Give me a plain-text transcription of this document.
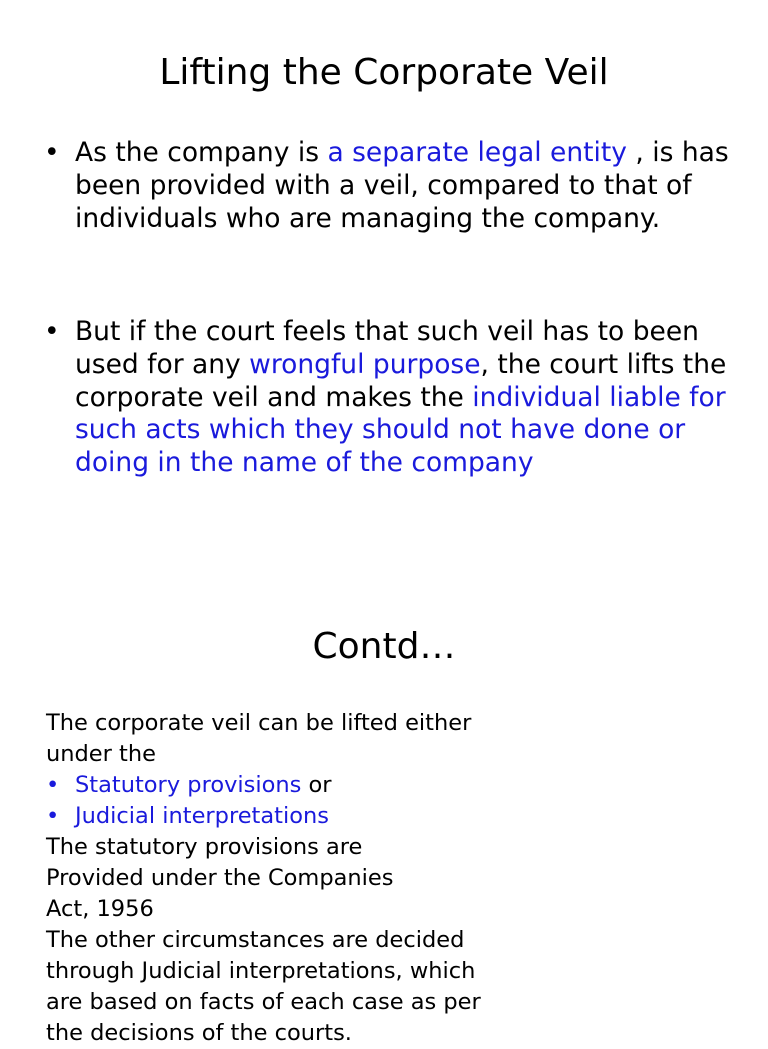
Lifting the Corporate Veil
• As the company is a separate legal entity , is has been provided with a veil, compared to that of individuals who are managing the company.
• But if the court feels that such veil has to been used for any wrongful purpose, the court lifts the corporate veil and makes the individual liable for such acts which they should not have done or doing in the name of the company
Contd…
The corporate veil can be lifted either
under the
• Statutory provisions or
• Judicial interpretations
The statutory provisions are
Provided under the Companies
Act, 1956
The other circumstances are decided
through Judicial interpretations, which
are based on facts of each case as per
the decisions of the courts.
